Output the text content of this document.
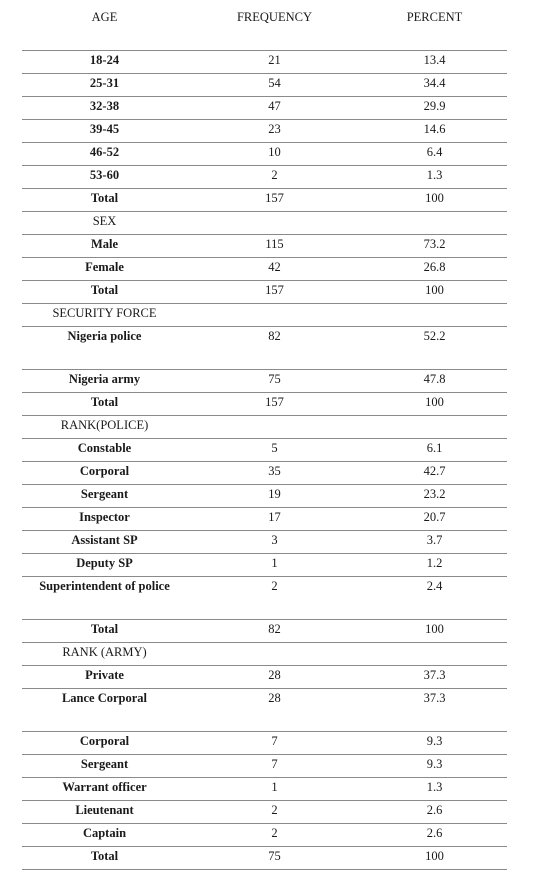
AGE	FREQUENCY	PERCENT
18-24	21	13.4
25-31	54	34.4
32-38	47	29.9
39-45	23	14.6
46-52	10	6.4
53-60	2	1.3
Total	157	100
SEX
Male	115	73.2
Female	42	26.8
Total	157	100
SECURITY FORCE
Nigeria police	82	52.2
Nigeria army	75	47.8
Total	157	100
RANK(POLICE)
Constable	5	6.1
Corporal	35	42.7
Sergeant	19	23.2
Inspector	17	20.7
Assistant SP	3	3.7
Deputy SP	1	1.2
Superintendent of police	2	2.4
Total	82	100
RANK (ARMY)
Private	28	37.3
Lance Corporal	28	37.3
Corporal	7	9.3
Sergeant	7	9.3
Warrant officer	1	1.3
Lieutenant	2	2.6
Captain	2	2.6
Total	75	100
